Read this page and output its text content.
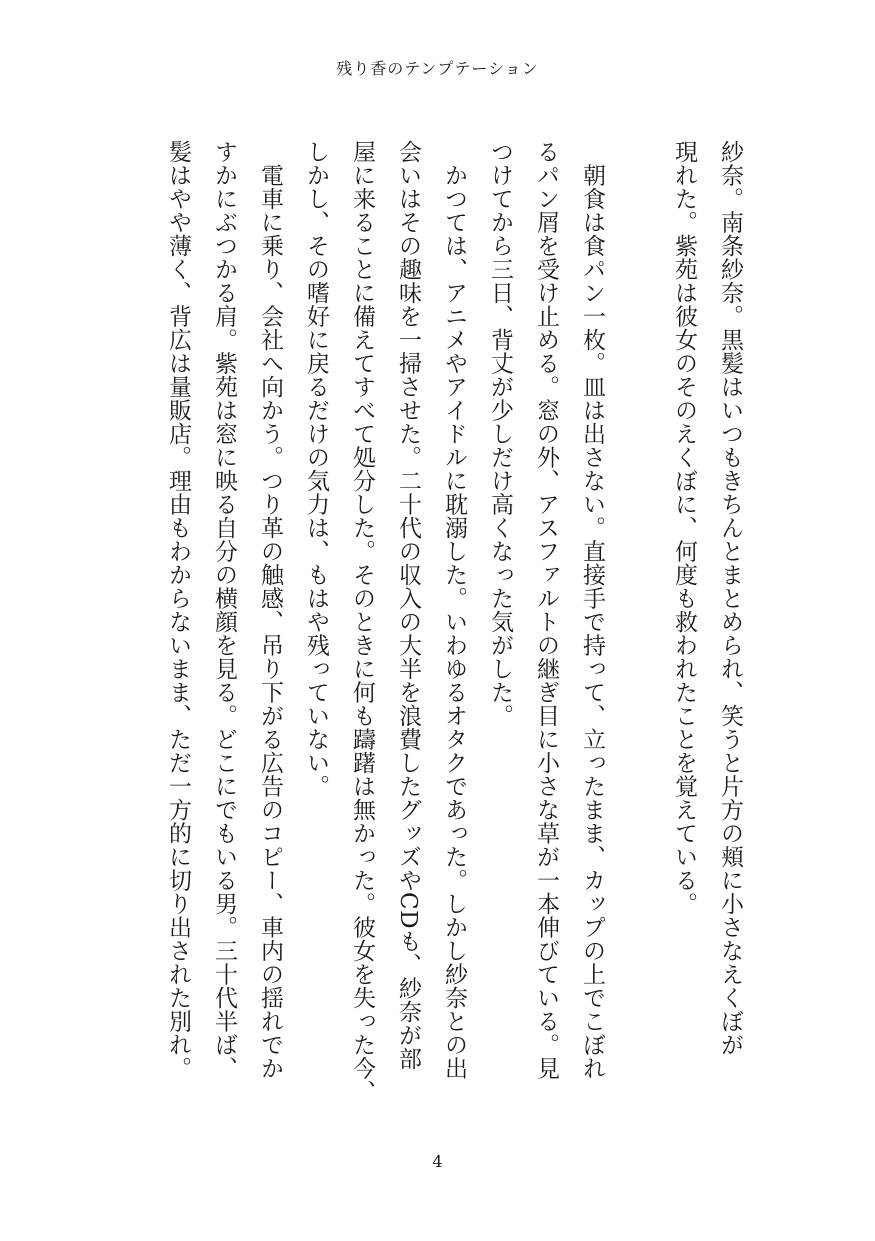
残り香のテンプテーション
紗奈。南条紗奈。黒髪はいつもきちんとまとめられ、笑うと片方の頬に小さなえくぼが
現れた。紫苑は彼女のそのえくぼに、何度も救われたことを覚えている。
　朝食は食パン一枚。皿は出さない。直接手で持って、立ったまま、カップの上でこぼれ
るパン屑を受け止める。窓の外、アスファルトの継ぎ目に小さな草が一本伸びている。見
つけてから三日、背丈が少しだけ高くなった気がした。
　かつては、アニメやアイドルに耽溺した。いわゆるオタクであった。しかし紗奈との出
会いはその趣味を一掃させた。二十代の収入の大半を浪費したグッズやCDも、紗奈が部
屋に来ることに備えてすべて処分した。そのときに何も躊躇は無かった。彼女を失った今、
しかし、その嗜好に戻るだけの気力は、もはや残っていない。
　電車に乗り、会社へ向かう。つり革の触感、吊り下がる広告のコピー、車内の揺れでか
すかにぶつかる肩。紫苑は窓に映る自分の横顔を見る。どこにでもいる男。三十代半ば、
髪はやや薄く、背広は量販店。理由もわからないまま、ただ一方的に切り出された別れ。
4
